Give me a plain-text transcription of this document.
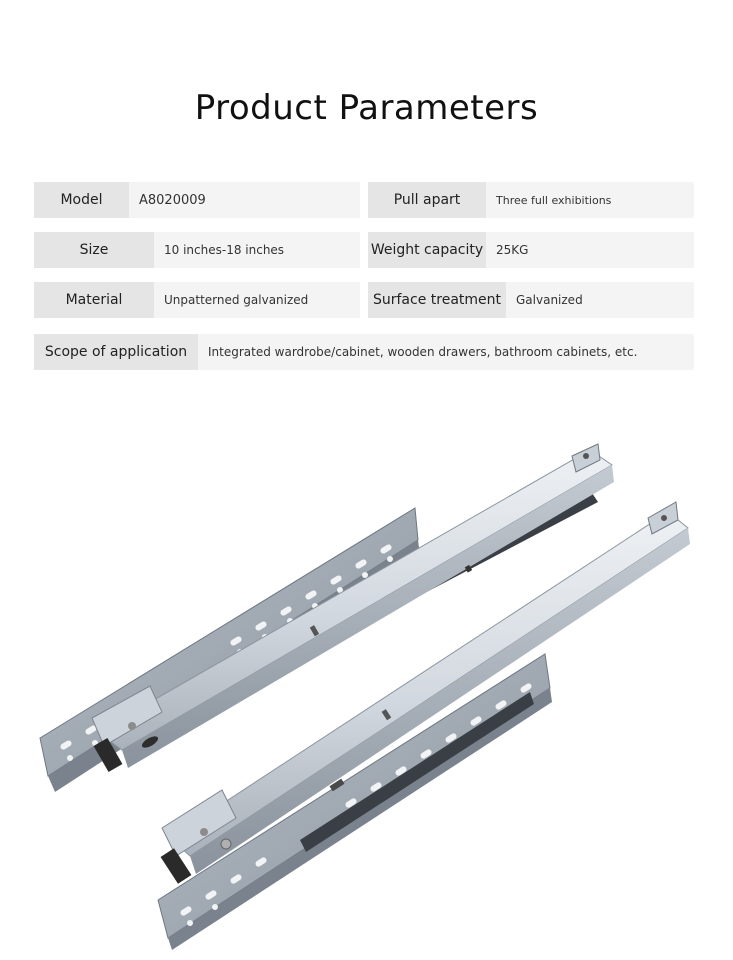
Product Parameters
Model	A8020009	Pull apart	Three full exhibitions
Size	10 inches-18 inches	Weight capacity	25KG
Material	Unpatterned galvanized	Surface treatment	Galvanized
Scope of application	Integrated wardrobe/cabinet, wooden drawers, bathroom cabinets, etc.
